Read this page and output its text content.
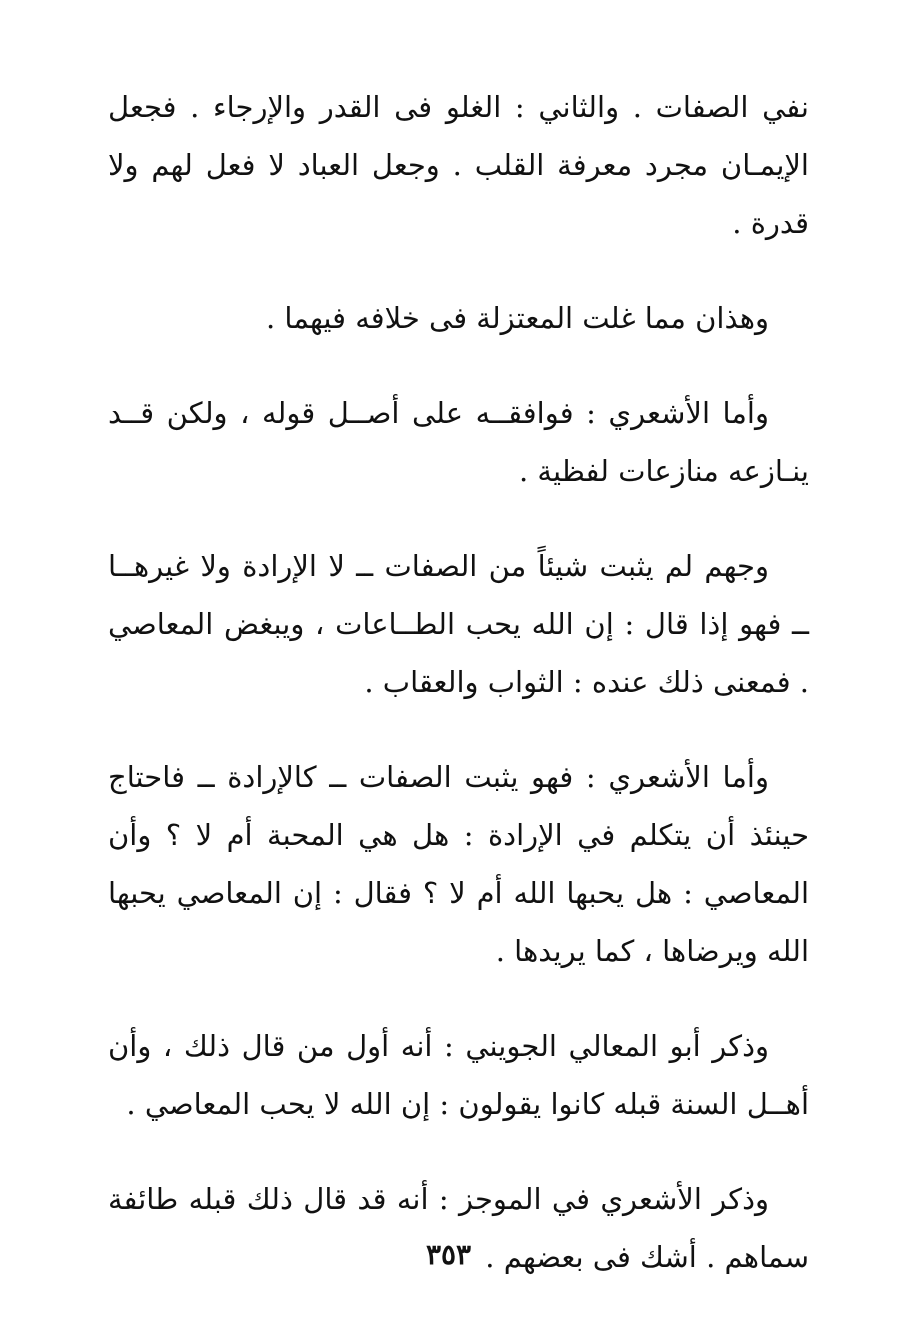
نفي الصفات . والثاني : الغلو فى القدر والإرجاء . فجعل الإيمـان مجرد معرفة القلب . وجعل العباد لا فعل لهم ولا قدرة .

وهذان مما غلت المعتزلة فى خلافه فيهما .

وأما الأشعري : فوافقــه على أصــل قوله ، ولكن قــد ينـازعه منازعات لفظية .

وجهم لم يثبت شيئاً من الصفات ــ لا الإرادة ولا غيرهــا ــ فهو إذا قال : إن الله يحب الطــاعات ، ويبغض المعاصي . فمعنى ذلك عنده : الثواب والعقاب .

وأما الأشعري : فهو يثبت الصفات ــ كالإرادة ــ فاحتاج حينئذ أن يتكلم في الإرادة : هل هي المحبة أم لا ؟ وأن المعاصي : هل يحبها الله أم لا ؟ فقال : إن المعاصي يحبها الله ويرضاها ، كما يريدها .

وذكر أبو المعالي الجويني : أنه أول من قال ذلك ، وأن أهــل السنة قبله كانوا يقولون : إن الله لا يحب المعاصي .

وذكر الأشعري في الموجز : أنه قد قال ذلك قبله طائفة سماهم . أشك فى بعضهم .

٣٥٣
